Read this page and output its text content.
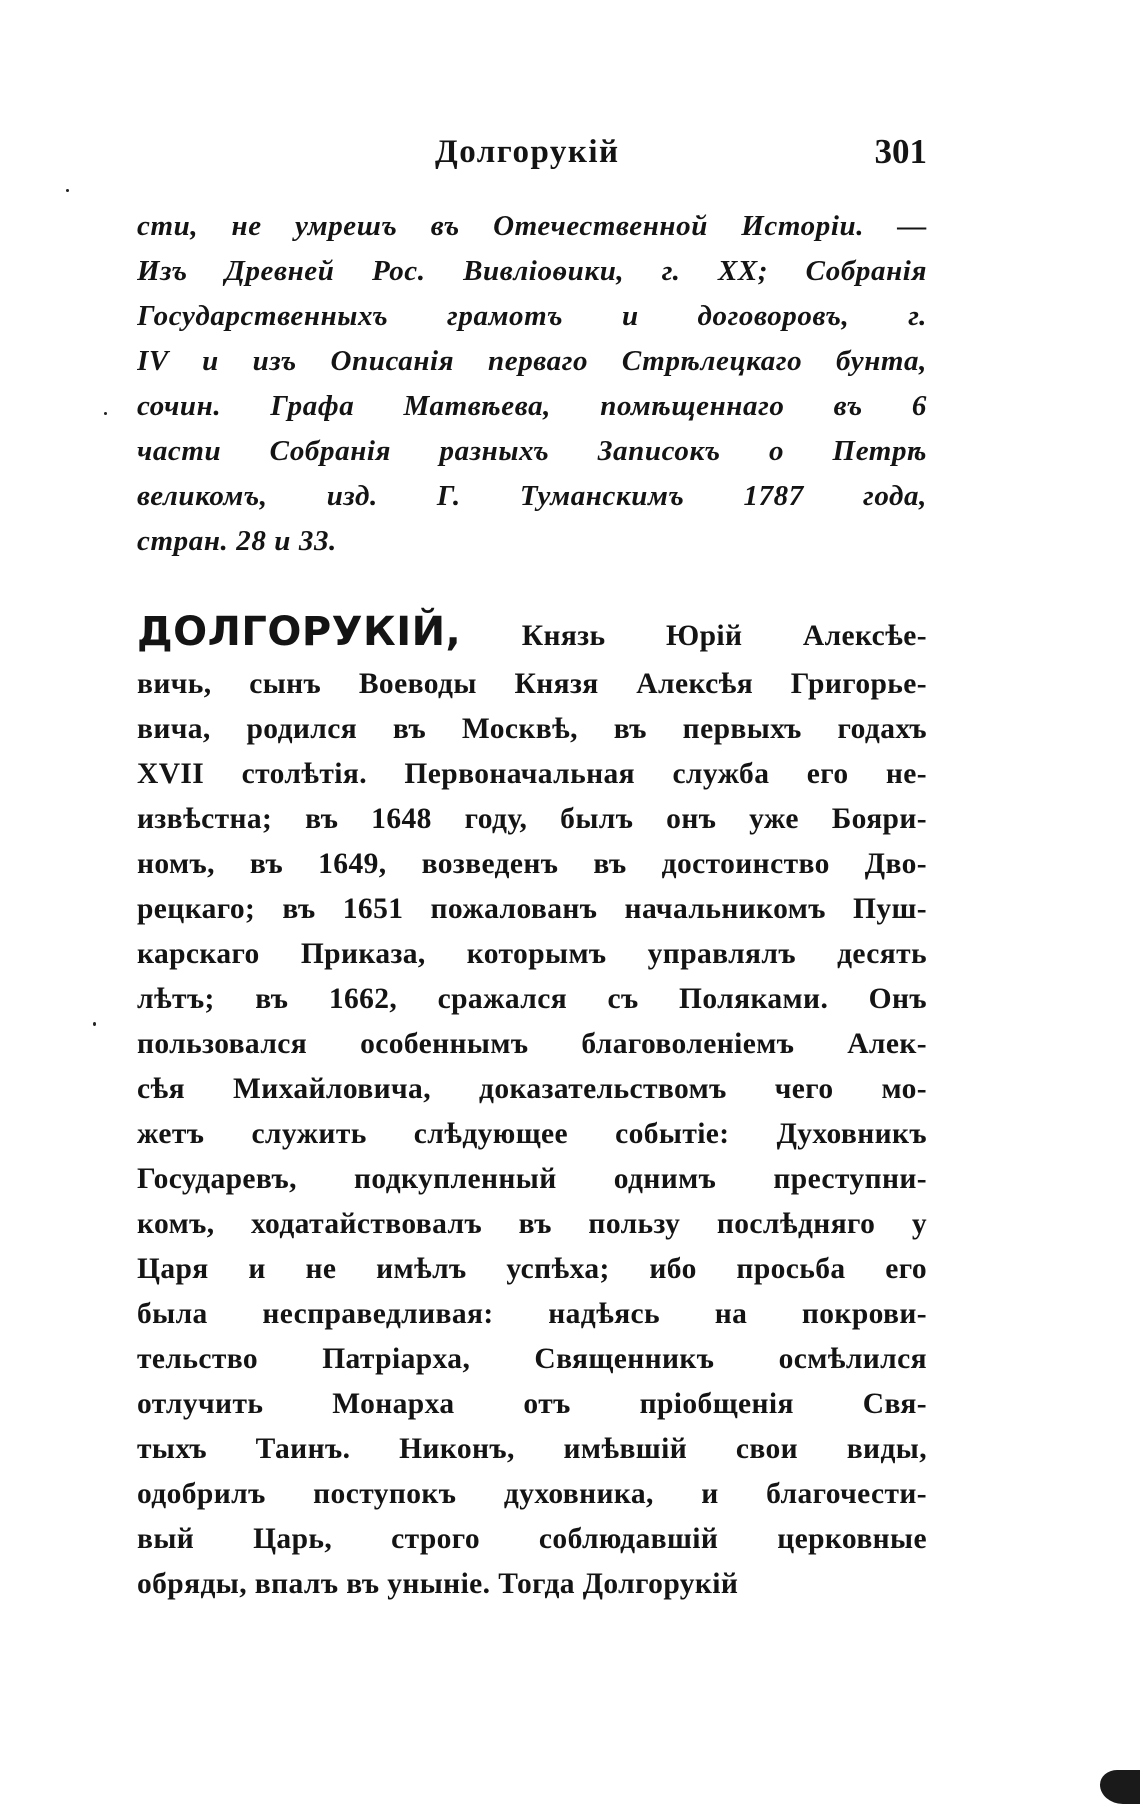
Долгорукій	301
сти, не умрешъ въ Отечественной Исторіи. —
Изъ Древней Рос. Вивліоѳики, г. XX; Собранія
Государственныхъ грамотъ и договоровъ, г.
IV и изъ Описанія перваго Стрѣлецкаго бунта,
сочин. Графа Матвѣева, помѣщеннаго въ 6
части Собранія разныхъ Записокъ о Петрѣ
великомъ, изд. Г. Туманскимъ 1787 года,
стран. 28 и 33.
ДОЛГОРУКІЙ, Князь Юрій Алексѣе-
вичь, сынъ Воеводы Князя Алексѣя Григорье-
вича, родился въ Москвѣ, въ первыхъ годахъ
XVII столѣтія. Первоначальная служба его не-
извѣстна; въ 1648 году, былъ онъ уже Бояри-
номъ, въ 1649, возведенъ въ достоинство Дво-
рецкаго; въ 1651 пожалованъ начальникомъ Пуш-
карскаго Приказа, которымъ управлялъ десять
лѣтъ; въ 1662, сражался съ Поляками. Онъ
пользовался особеннымъ благоволеніемъ Алек-
сѣя Михайловича, доказательствомъ чего мо-
жетъ служить слѣдующее событіе: Духовникъ
Государевъ, подкупленный однимъ преступни-
комъ, ходатайствовалъ въ пользу послѣдняго у
Царя и не имѣлъ успѣха; ибо просьба его
была несправедливая: надѣясь на покрови-
тельство Патріарха, Священникъ осмѣлился
отлучить Монарха отъ пріобщенія Свя-
тыхъ Таинъ. Никонъ, имѣвшій свои виды,
одобрилъ поступокъ духовника, и благочести-
вый Царь, строго соблюдавшій церковные
обряды, впалъ въ уныніе. Тогда Долгорукій
